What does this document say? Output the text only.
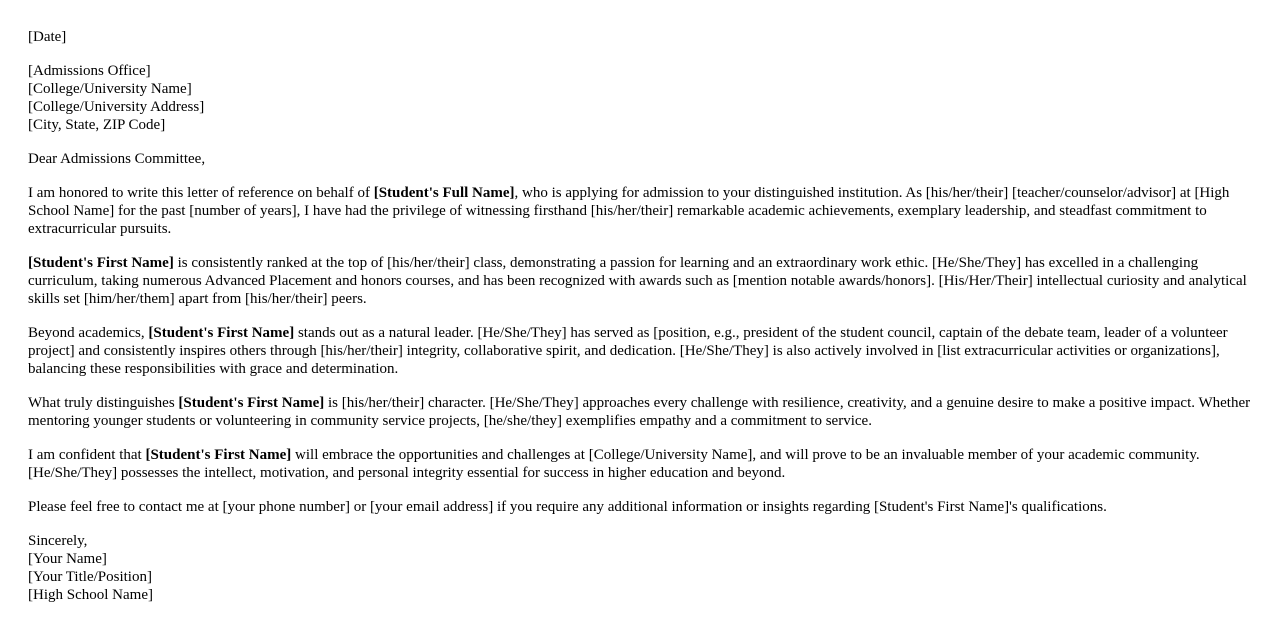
[Date]
[Admissions Office]
[College/University Name]
[College/University Address]
[City, State, ZIP Code]
Dear Admissions Committee,

I am honored to write this letter of reference on behalf of [Student's Full Name], who is applying for admission to your distinguished institution. As [his/her/their] [teacher/counselor/advisor] at [High School Name] for the past [number of years], I have had the privilege of witnessing firsthand [his/her/their] remarkable academic achievements, exemplary leadership, and steadfast commitment to extracurricular pursuits.

[Student's First Name] is consistently ranked at the top of [his/her/their] class, demonstrating a passion for learning and an extraordinary work ethic. [He/She/They] has excelled in a challenging curriculum, taking numerous Advanced Placement and honors courses, and has been recognized with awards such as [mention notable awards/honors]. [His/Her/Their] intellectual curiosity and analytical skills set [him/her/them] apart from [his/her/their] peers.

Beyond academics, [Student's First Name] stands out as a natural leader. [He/She/They] has served as [position, e.g., president of the student council, captain of the debate team, leader of a volunteer project] and consistently inspires others through [his/her/their] integrity, collaborative spirit, and dedication. [He/She/They] is also actively involved in [list extracurricular activities or organizations], balancing these responsibilities with grace and determination.

What truly distinguishes [Student's First Name] is [his/her/their] character. [He/She/They] approaches every challenge with resilience, creativity, and a genuine desire to make a positive impact. Whether mentoring younger students or volunteering in community service projects, [he/she/they] exemplifies empathy and a commitment to service.

I am confident that [Student's First Name] will embrace the opportunities and challenges at [College/University Name], and will prove to be an invaluable member of your academic community. [He/She/They] possesses the intellect, motivation, and personal integrity essential for success in higher education and beyond.

Please feel free to contact me at [your phone number] or [your email address] if you require any additional information or insights regarding [Student's First Name]'s qualifications.

Sincerely,
[Your Name]
[Your Title/Position]
[High School Name]
